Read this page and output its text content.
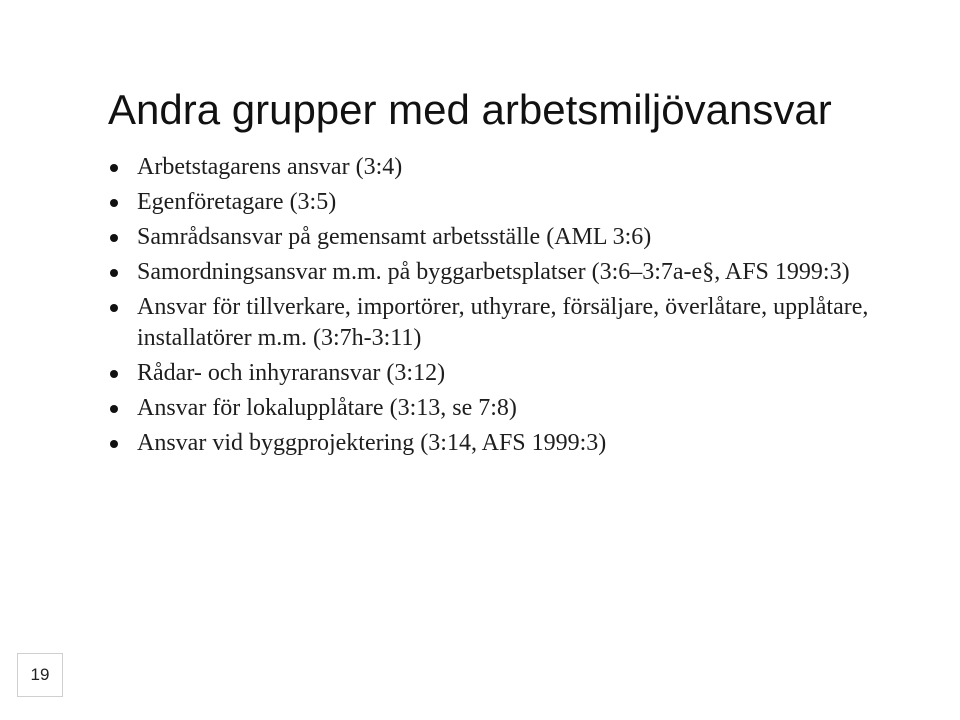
Andra grupper med arbetsmiljövansvar
Arbetstagarens ansvar (3:4)
Egenföretagare (3:5)
Samrådsansvar på gemensamt arbetsställe (AML 3:6)
Samordningsansvar m.m. på byggarbetsplatser (3:6–3:7a-e§, AFS 1999:3)
Ansvar för tillverkare, importörer, uthyrare, försäljare, överlåtare, upplåtare, installatörer m.m. (3:7h-3:11)
Rådar- och inhyraransvar (3:12)
Ansvar för lokalupplåtare (3:13, se 7:8)
Ansvar vid byggprojektering (3:14, AFS 1999:3)
19
